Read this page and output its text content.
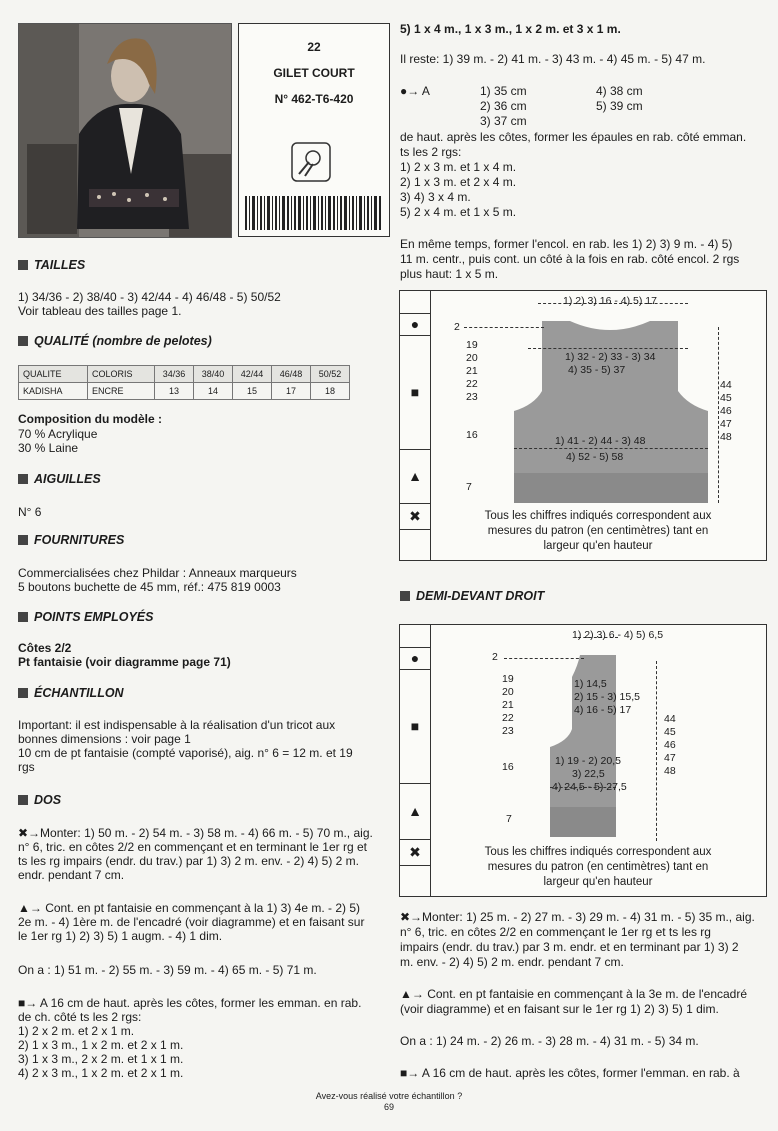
22
GILET COURT
N° 462-T6-420
TAILLES
1) 34/36 - 2) 38/40 - 3) 42/44 - 4) 46/48 - 5) 50/52
Voir tableau des tailles page 1.
QUALITÉ (nombre de pelotes)
QUALITE	COLORIS	34/36	38/40	42/44	46/48	50/52
KADISHA	ENCRE	13	14	15	17	18
Composition du modèle :
70 % Acrylique
30 % Laine
AIGUILLES
N° 6
FOURNITURES
Commercialisées chez Phildar : Anneaux marqueurs
5 boutons buchette de 45 mm, réf.: 475 819 0003
POINTS EMPLOYÉS
Côtes 2/2
Pt fantaisie (voir diagramme page 71)
ÉCHANTILLON
Important: il est indispensable à la réalisation d'un tricot aux
bonnes dimensions : voir page 1
10 cm de pt fantaisie (compté vaporisé), aig. n° 6 = 12 m. et 19
rgs
DOS
✖→Monter: 1) 50 m. - 2) 54 m. - 3) 58 m. - 4) 66 m. - 5) 70 m., aig.
n° 6, tric. en côtes 2/2 en commençant et en terminant le 1er rg et
ts les rg impairs (endr. du trav.) par 1) 3) 2 m. env. - 2) 4) 5) 2 m.
endr. pendant 7 cm.
▲→ Cont. en pt fantaisie en commençant à la 1) 3) 4e m. - 2) 5)
2e m. - 4) 1ère m. de l'encadré (voir diagramme) et en faisant sur
le 1er rg 1) 2) 3) 5) 1 augm. - 4) 1 dim.
On a : 1) 51 m. - 2) 55 m. - 3) 59 m. - 4) 65 m. - 5) 71 m.
■→ A 16 cm de haut. après les côtes, former les emman. en rab.
de ch. côté ts les 2 rgs:
1) 2 x 2 m. et 2 x 1 m.
2) 1 x 3 m., 1 x 2 m. et 2 x 1 m.
3) 1 x 3 m., 2 x 2 m. et 1 x 1 m.
4) 2 x 3 m., 1 x 2 m. et 2 x 1 m.
5) 1 x 4 m., 1 x 3 m., 1 x 2 m. et 3 x 1 m.
Il reste: 1) 39 m. - 2) 41 m. - 3) 43 m. - 4) 45 m. - 5) 47 m.
●→ A	1) 35 cm	4) 38 cm
2) 36 cm	5) 39 cm
3) 37 cm
de haut. après les côtes, former les épaules en rab. côté emman.
ts les 2 rgs:
1) 2 x 3 m. et 1 x 4 m.
2) 1 x 3 m. et 2 x 4 m.
3) 4) 3 x 4 m.
5) 2 x 4 m. et 1 x 5 m.
En même temps, former l'encol. en rab. les 1) 2) 3) 9 m. - 4) 5)
11 m. centr., puis cont. un côté à la fois en rab. côté encol. 2 rgs
plus haut: 1 x 5 m.
●
■
▲
✖
1) 2) 3) 16 - 4) 5) 17
2
19
20
21
22
23
1) 32 - 2) 33 - 3) 34
4) 35 - 5) 37
44
45
46
47
48
16	1) 41 - 2) 44 - 3) 48
4) 52 - 5) 58
7
Tous les chiffres indiqués correspondent aux
mesures du patron (en centimètres) tant en
largeur qu'en hauteur
DEMI-DEVANT DROIT
●
■
▲
✖
1) 2) 3) 6 - 4) 5) 6,5
2
19
20
21
22
23
1) 14,5
2) 15 - 3) 15,5
4) 16 - 5) 17
44
45
46
47
48
16	1) 19 - 2) 20,5
3) 22,5
4) 24,5 - 5) 27,5
7
Tous les chiffres indiqués correspondent aux
mesures du patron (en centimètres) tant en
largeur qu'en hauteur
✖→Monter: 1) 25 m. - 2) 27 m. - 3) 29 m. - 4) 31 m. - 5) 35 m., aig.
n° 6, tric. en côtes 2/2 en commençant le 1er rg et ts les rg
impairs (endr. du trav.) par 3 m. endr. et en terminant par 1) 3) 2
m. env. - 2) 4) 5) 2 m. endr. pendant 7 cm.
▲→ Cont. en pt fantaisie en commençant à la 3e m. de l'encadré
(voir diagramme) et en faisant sur le 1er rg 1) 2) 3) 5) 1 dim.
On a : 1) 24 m. - 2) 26 m. - 3) 28 m. - 4) 31 m. - 5) 34 m.
■→ A 16 cm de haut. après les côtes, former l'emman. en rab. à
Avez-vous réalisé votre échantillon ?
69
